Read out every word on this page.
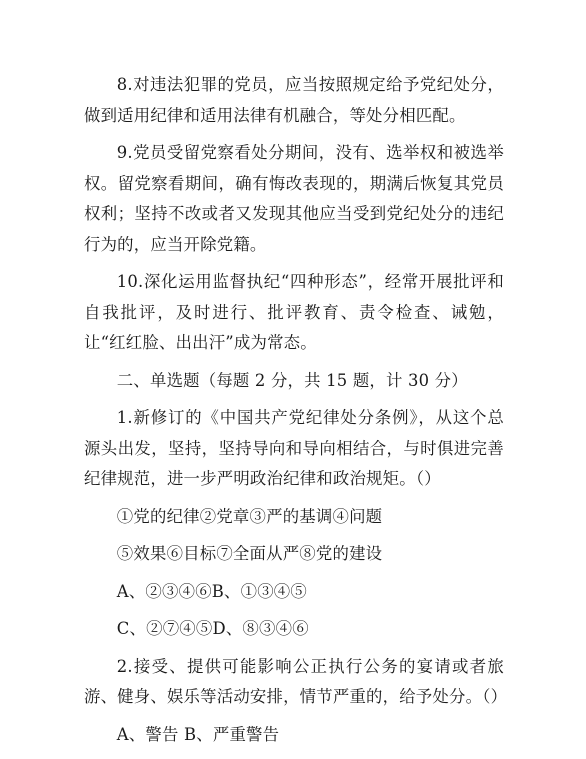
8.对违法犯罪的党员，应当按照规定给予党纪处分，做到适用纪律和适用法律有机融合，等处分相匹配。

9.党员受留党察看处分期间，没有、选举权和被选举权。留党察看期间，确有悔改表现的，期满后恢复其党员权利；坚持不改或者又发现其他应当受到党纪处分的违纪行为的，应当开除党籍。

10.深化运用监督执纪“四种形态”，经常开展批评和自我批评，及时进行、批评教育、责令检查、诫勉，让“红红脸、出出汗”成为常态。

二、单选题（每题 2 分，共 15 题，计 30 分）

1.新修订的《中国共产党纪律处分条例》，从这个总源头出发，坚持，坚持导向和导向相结合，与时俱进完善纪律规范，进一步严明政治纪律和政治规矩。（）

①党的纪律②党章③严的基调④问题

⑤效果⑥目标⑦全面从严⑧党的建设

A、②③④⑥B、①③④⑤

C、②⑦④⑤D、⑧③④⑥

2.接受、提供可能影响公正执行公务的宴请或者旅游、健身、娱乐等活动安排，情节严重的，给予处分。（）

A、警告 B、严重警告
